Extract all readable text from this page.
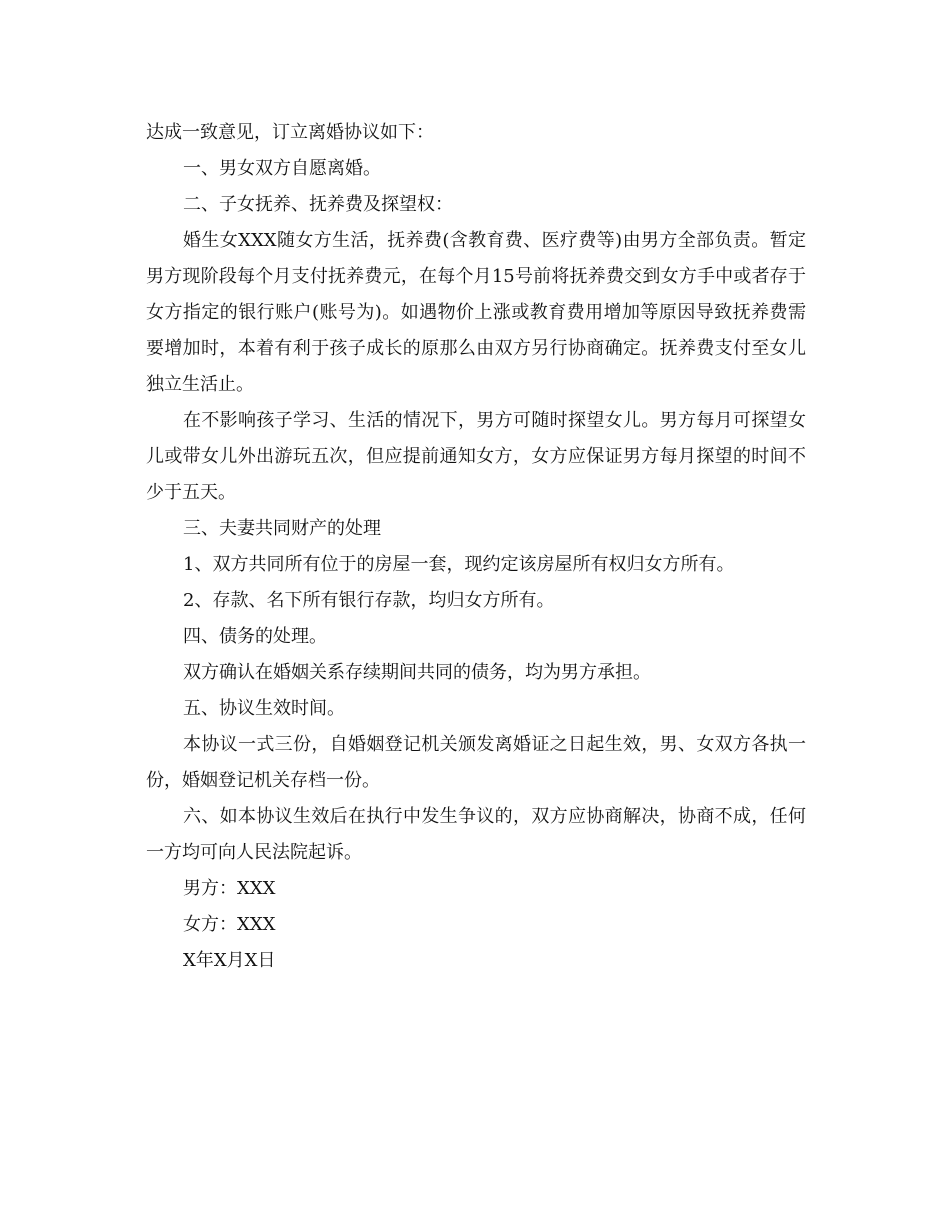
达成一致意见，订立离婚协议如下：

一、男女双方自愿离婚。

二、子女抚养、抚养费及探望权：

婚生女XXX随女方生活，抚养费(含教育费、医疗费等)由男方全部负责。暂定男方现阶段每个月支付抚养费元，在每个月15号前将抚养费交到女方手中或者存于女方指定的银行账户(账号为)。如遇物价上涨或教育费用增加等原因导致抚养费需要增加时，本着有利于孩子成长的原那么由双方另行协商确定。抚养费支付至女儿独立生活止。

在不影响孩子学习、生活的情况下，男方可随时探望女儿。男方每月可探望女儿或带女儿外出游玩五次，但应提前通知女方，女方应保证男方每月探望的时间不少于五天。

三、夫妻共同财产的处理

1、双方共同所有位于的房屋一套，现约定该房屋所有权归女方所有。

2、存款、名下所有银行存款，均归女方所有。

四、债务的处理。

双方确认在婚姻关系存续期间共同的债务，均为男方承担。

五、协议生效时间。

本协议一式三份，自婚姻登记机关颁发离婚证之日起生效，男、女双方各执一份，婚姻登记机关存档一份。

六、如本协议生效后在执行中发生争议的，双方应协商解决，协商不成，任何一方均可向人民法院起诉。

男方：XXX

女方：XXX

X年X月X日
